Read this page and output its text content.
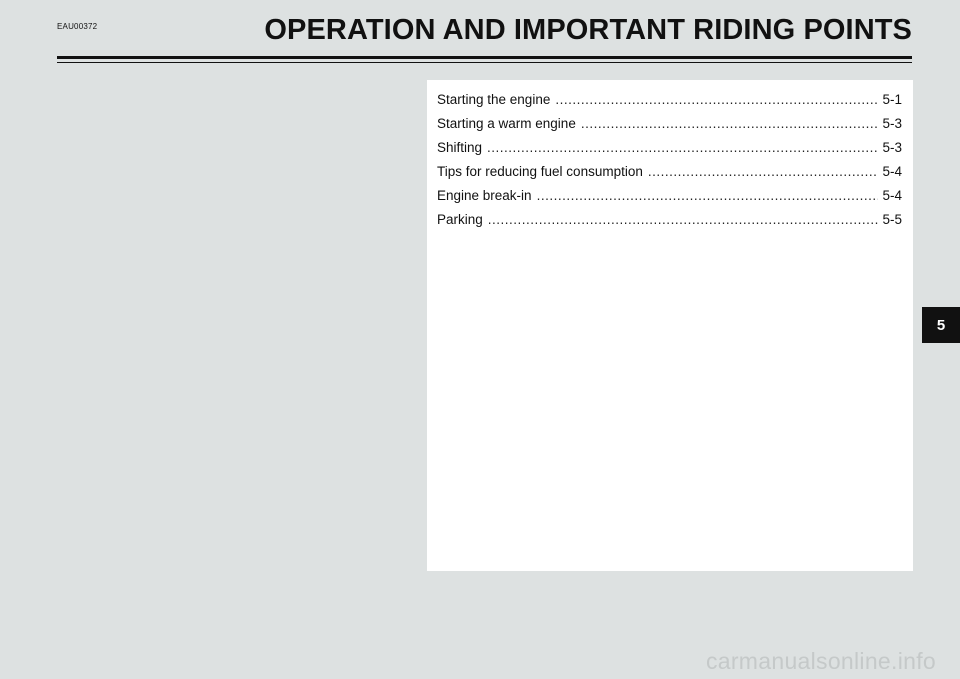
EAU00372	OPERATION AND IMPORTANT RIDING POINTS
Starting the engine .....	5-1
Starting a warm engine .....	5-3
Shifting .....	5-3
Tips for reducing fuel consumption .....	5-4
Engine break-in .....	5-4
Parking .....	5-5
5
carmanualsonline.info
